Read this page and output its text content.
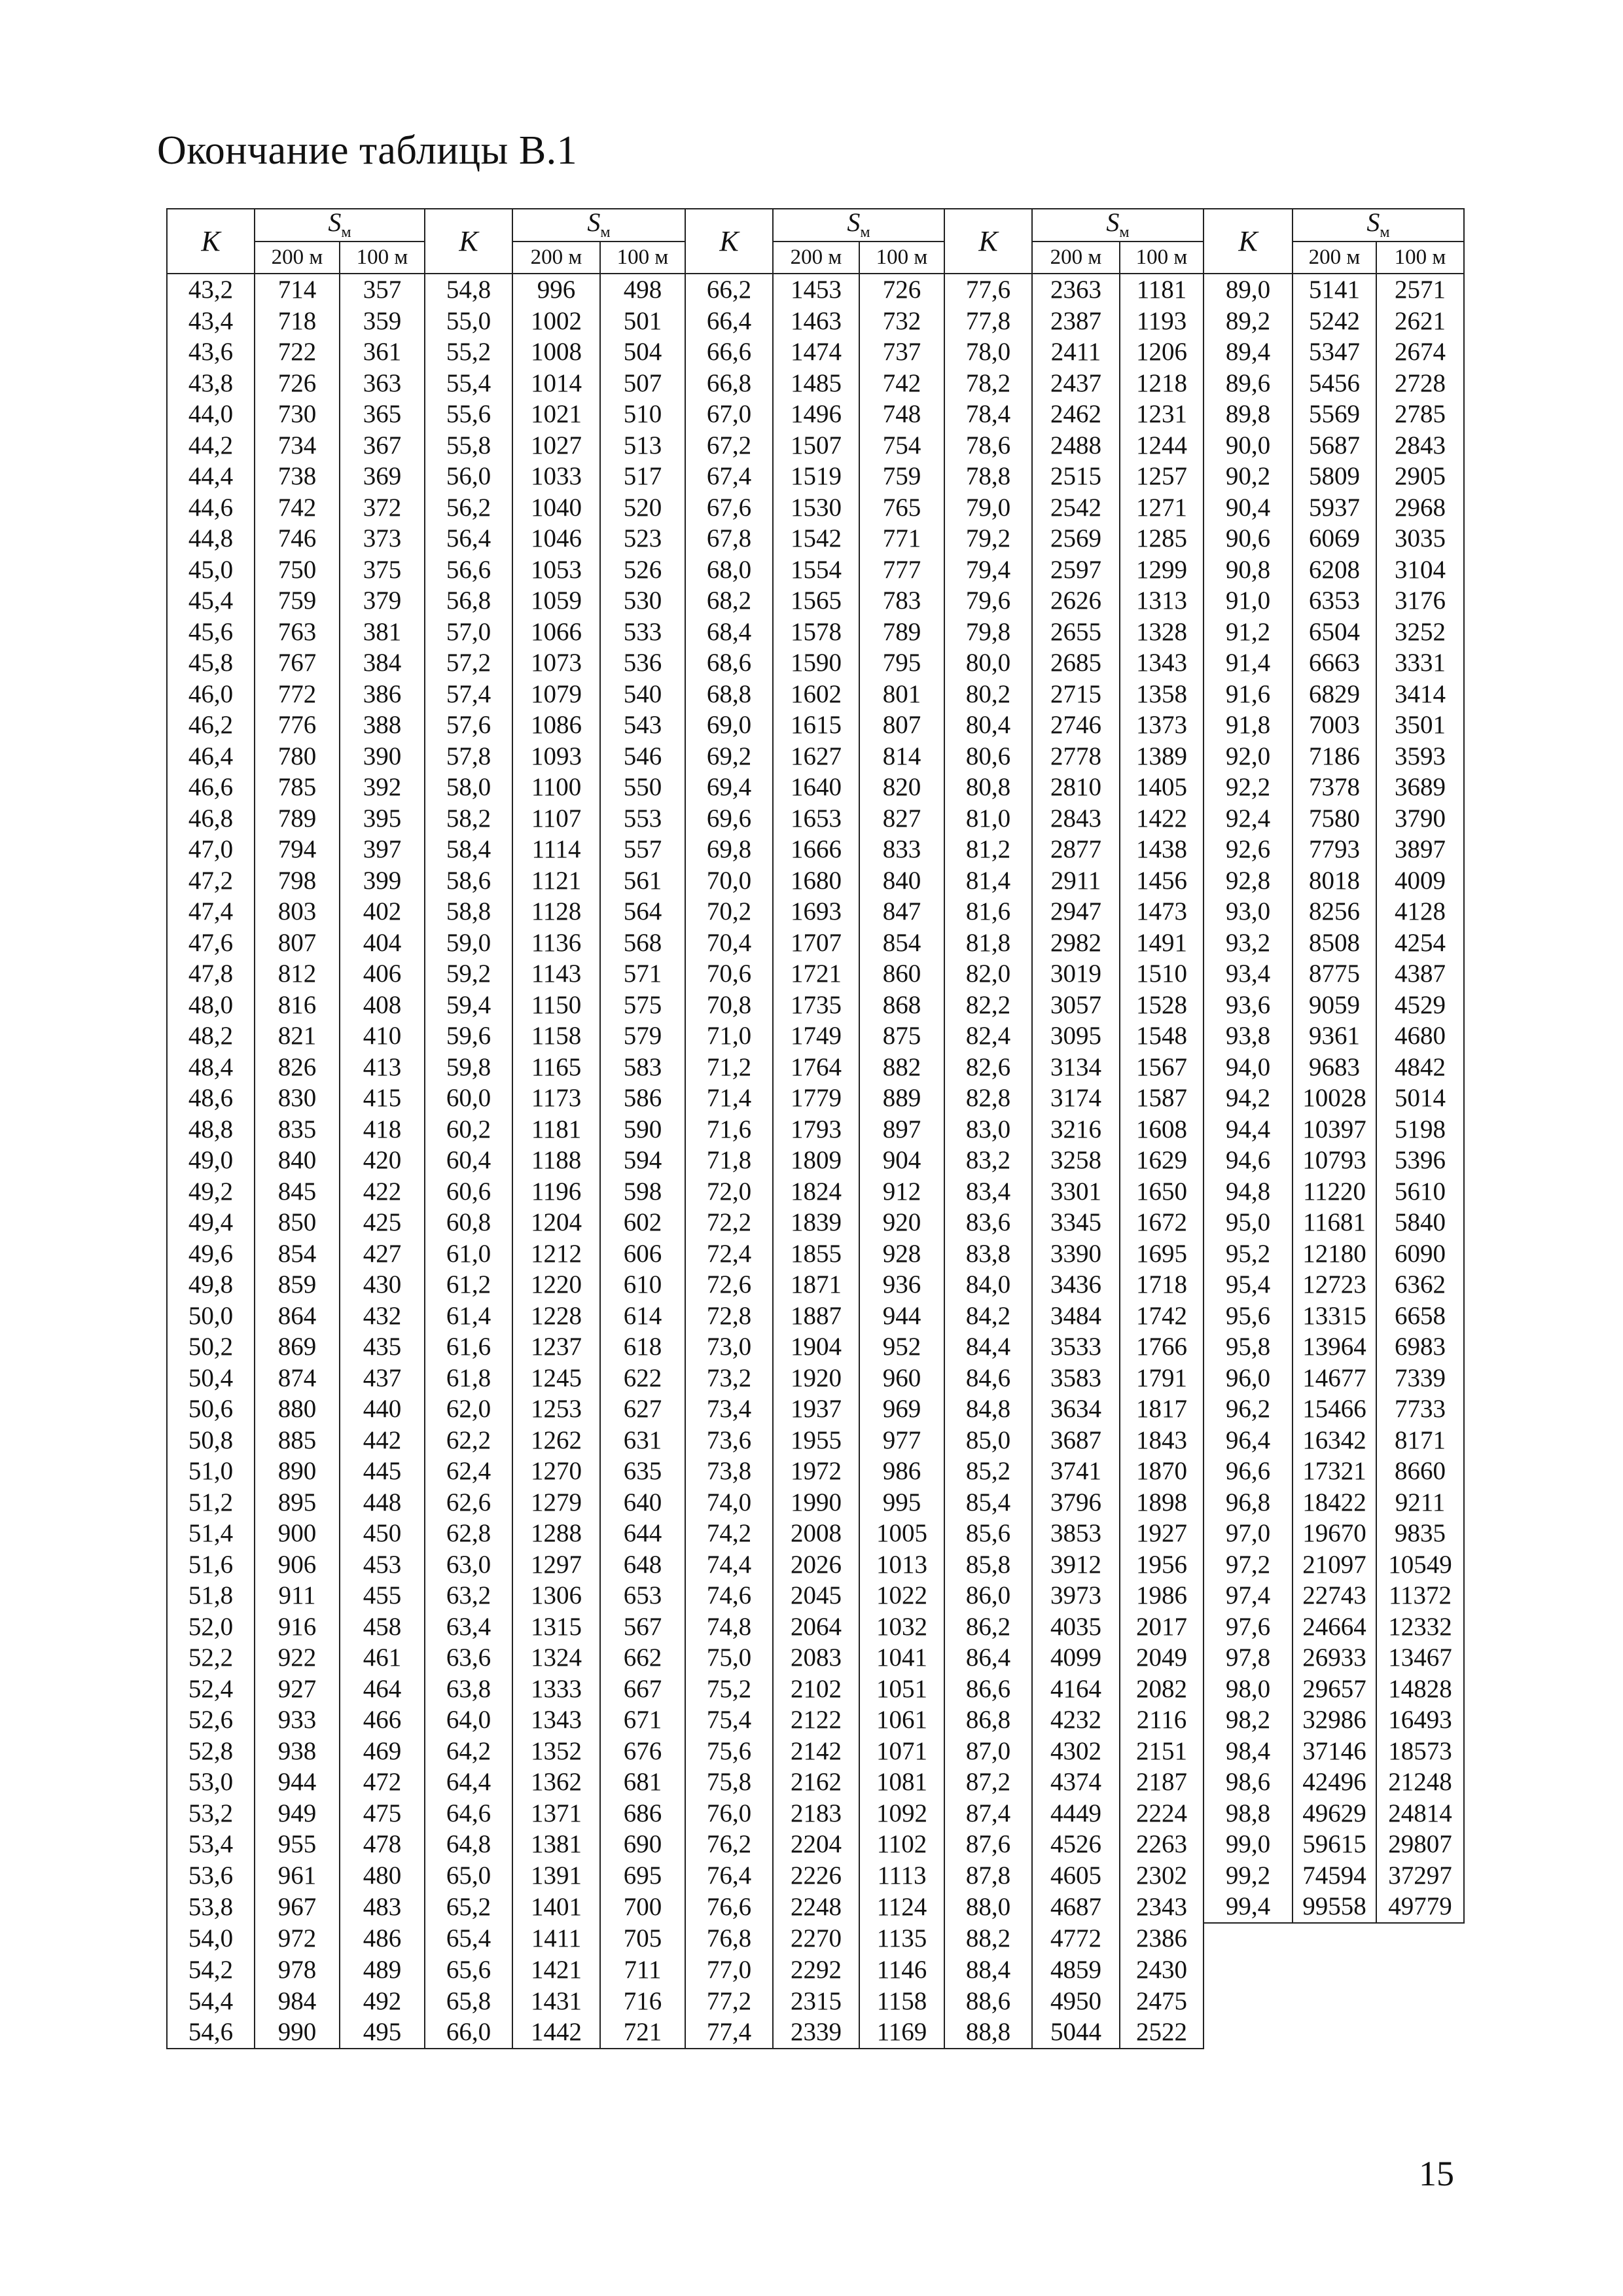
Окончание таблицы В.1
K	$S_м$		K	$S_м$		K	$S_м$		K	$S_м$		K	$S_м$
	200 м	100 м		200 м	100 м		200 м	100 м		200 м	100 м		200 м	100 м
43,2	714	357	54,8	996	498	66,2	1453	726	77,6	2363	1181	89,0	5141	2571
43,4	718	359	55,0	1002	501	66,4	1463	732	77,8	2387	1193	89,2	5242	2621
43,6	722	361	55,2	1008	504	66,6	1474	737	78,0	2411	1206	89,4	5347	2674
43,8	726	363	55,4	1014	507	66,8	1485	742	78,2	2437	1218	89,6	5456	2728
44,0	730	365	55,6	1021	510	67,0	1496	748	78,4	2462	1231	89,8	5569	2785
44,2	734	367	55,8	1027	513	67,2	1507	754	78,6	2488	1244	90,0	5687	2843
44,4	738	369	56,0	1033	517	67,4	1519	759	78,8	2515	1257	90,2	5809	2905
44,6	742	372	56,2	1040	520	67,6	1530	765	79,0	2542	1271	90,4	5937	2968
44,8	746	373	56,4	1046	523	67,8	1542	771	79,2	2569	1285	90,6	6069	3035
45,0	750	375	56,6	1053	526	68,0	1554	777	79,4	2597	1299	90,8	6208	3104
45,4	759	379	56,8	1059	530	68,2	1565	783	79,6	2626	1313	91,0	6353	3176
45,6	763	381	57,0	1066	533	68,4	1578	789	79,8	2655	1328	91,2	6504	3252
45,8	767	384	57,2	1073	536	68,6	1590	795	80,0	2685	1343	91,4	6663	3331
46,0	772	386	57,4	1079	540	68,8	1602	801	80,2	2715	1358	91,6	6829	3414
46,2	776	388	57,6	1086	543	69,0	1615	807	80,4	2746	1373	91,8	7003	3501
46,4	780	390	57,8	1093	546	69,2	1627	814	80,6	2778	1389	92,0	7186	3593
46,6	785	392	58,0	1100	550	69,4	1640	820	80,8	2810	1405	92,2	7378	3689
46,8	789	395	58,2	1107	553	69,6	1653	827	81,0	2843	1422	92,4	7580	3790
47,0	794	397	58,4	1114	557	69,8	1666	833	81,2	2877	1438	92,6	7793	3897
47,2	798	399	58,6	1121	561	70,0	1680	840	81,4	2911	1456	92,8	8018	4009
47,4	803	402	58,8	1128	564	70,2	1693	847	81,6	2947	1473	93,0	8256	4128
47,6	807	404	59,0	1136	568	70,4	1707	854	81,8	2982	1491	93,2	8508	4254
47,8	812	406	59,2	1143	571	70,6	1721	860	82,0	3019	1510	93,4	8775	4387
48,0	816	408	59,4	1150	575	70,8	1735	868	82,2	3057	1528	93,6	9059	4529
48,2	821	410	59,6	1158	579	71,0	1749	875	82,4	3095	1548	93,8	9361	4680
48,4	826	413	59,8	1165	583	71,2	1764	882	82,6	3134	1567	94,0	9683	4842
48,6	830	415	60,0	1173	586	71,4	1779	889	82,8	3174	1587	94,2	10028	5014
48,8	835	418	60,2	1181	590	71,6	1793	897	83,0	3216	1608	94,4	10397	5198
49,0	840	420	60,4	1188	594	71,8	1809	904	83,2	3258	1629	94,6	10793	5396
49,2	845	422	60,6	1196	598	72,0	1824	912	83,4	3301	1650	94,8	11220	5610
49,4	850	425	60,8	1204	602	72,2	1839	920	83,6	3345	1672	95,0	11681	5840
49,6	854	427	61,0	1212	606	72,4	1855	928	83,8	3390	1695	95,2	12180	6090
49,8	859	430	61,2	1220	610	72,6	1871	936	84,0	3436	1718	95,4	12723	6362
50,0	864	432	61,4	1228	614	72,8	1887	944	84,2	3484	1742	95,6	13315	6658
50,2	869	435	61,6	1237	618	73,0	1904	952	84,4	3533	1766	95,8	13964	6983
50,4	874	437	61,8	1245	622	73,2	1920	960	84,6	3583	1791	96,0	14677	7339
50,6	880	440	62,0	1253	627	73,4	1937	969	84,8	3634	1817	96,2	15466	7733
50,8	885	442	62,2	1262	631	73,6	1955	977	85,0	3687	1843	96,4	16342	8171
51,0	890	445	62,4	1270	635	73,8	1972	986	85,2	3741	1870	96,6	17321	8660
51,2	895	448	62,6	1279	640	74,0	1990	995	85,4	3796	1898	96,8	18422	9211
51,4	900	450	62,8	1288	644	74,2	2008	1005	85,6	3853	1927	97,0	19670	9835
51,6	906	453	63,0	1297	648	74,4	2026	1013	85,8	3912	1956	97,2	21097	10549
51,8	911	455	63,2	1306	653	74,6	2045	1022	86,0	3973	1986	97,4	22743	11372
52,0	916	458	63,4	1315	567	74,8	2064	1032	86,2	4035	2017	97,6	24664	12332
52,2	922	461	63,6	1324	662	75,0	2083	1041	86,4	4099	2049	97,8	26933	13467
52,4	927	464	63,8	1333	667	75,2	2102	1051	86,6	4164	2082	98,0	29657	14828
52,6	933	466	64,0	1343	671	75,4	2122	1061	86,8	4232	2116	98,2	32986	16493
52,8	938	469	64,2	1352	676	75,6	2142	1071	87,0	4302	2151	98,4	37146	18573
53,0	944	472	64,4	1362	681	75,8	2162	1081	87,2	4374	2187	98,6	42496	21248
53,2	949	475	64,6	1371	686	76,0	2183	1092	87,4	4449	2224	98,8	49629	24814
53,4	955	478	64,8	1381	690	76,2	2204	1102	87,6	4526	2263	99,0	59615	29807
53,6	961	480	65,0	1391	695	76,4	2226	1113	87,8	4605	2302	99,2	74594	37297
53,8	967	483	65,2	1401	700	76,6	2248	1124	88,0	4687	2343	99,4	99558	49779
54,0	972	486	65,4	1411	705	76,8	2270	1135	88,2	4772	2386			
54,2	978	489	65,6	1421	711	77,0	2292	1146	88,4	4859	2430			
54,4	984	492	65,8	1431	716	77,2	2315	1158	88,6	4950	2475			
54,6	990	495	66,0	1442	721	77,4	2339	1169	88,8	5044	2522			
15
